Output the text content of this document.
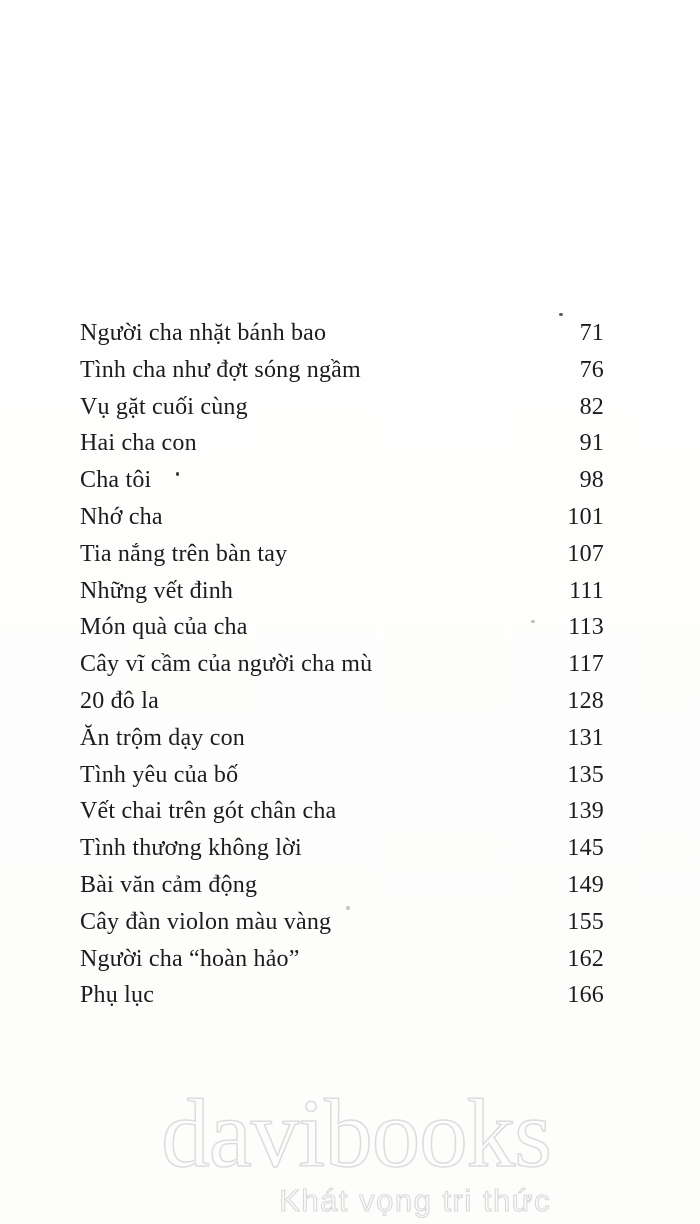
Người cha nhặt bánh bao	71
Tình cha như đợt sóng ngầm	76
Vụ gặt cuối cùng	82
Hai cha con	91
Cha tôi	98
Nhớ cha	101
Tia nắng trên bàn tay	107
Những vết đinh	111
Món quà của cha	113
Cây vĩ cầm của người cha mù	117
20 đô la	128
Ăn trộm dạy con	131
Tình yêu của bố	135
Vết chai trên gót chân cha	139
Tình thương không lời	145
Bài văn cảm động	149
Cây đàn violon màu vàng	155
Người cha “hoàn hảo”	162
Phụ lục	166
davibooks
Khát vọng tri thức
